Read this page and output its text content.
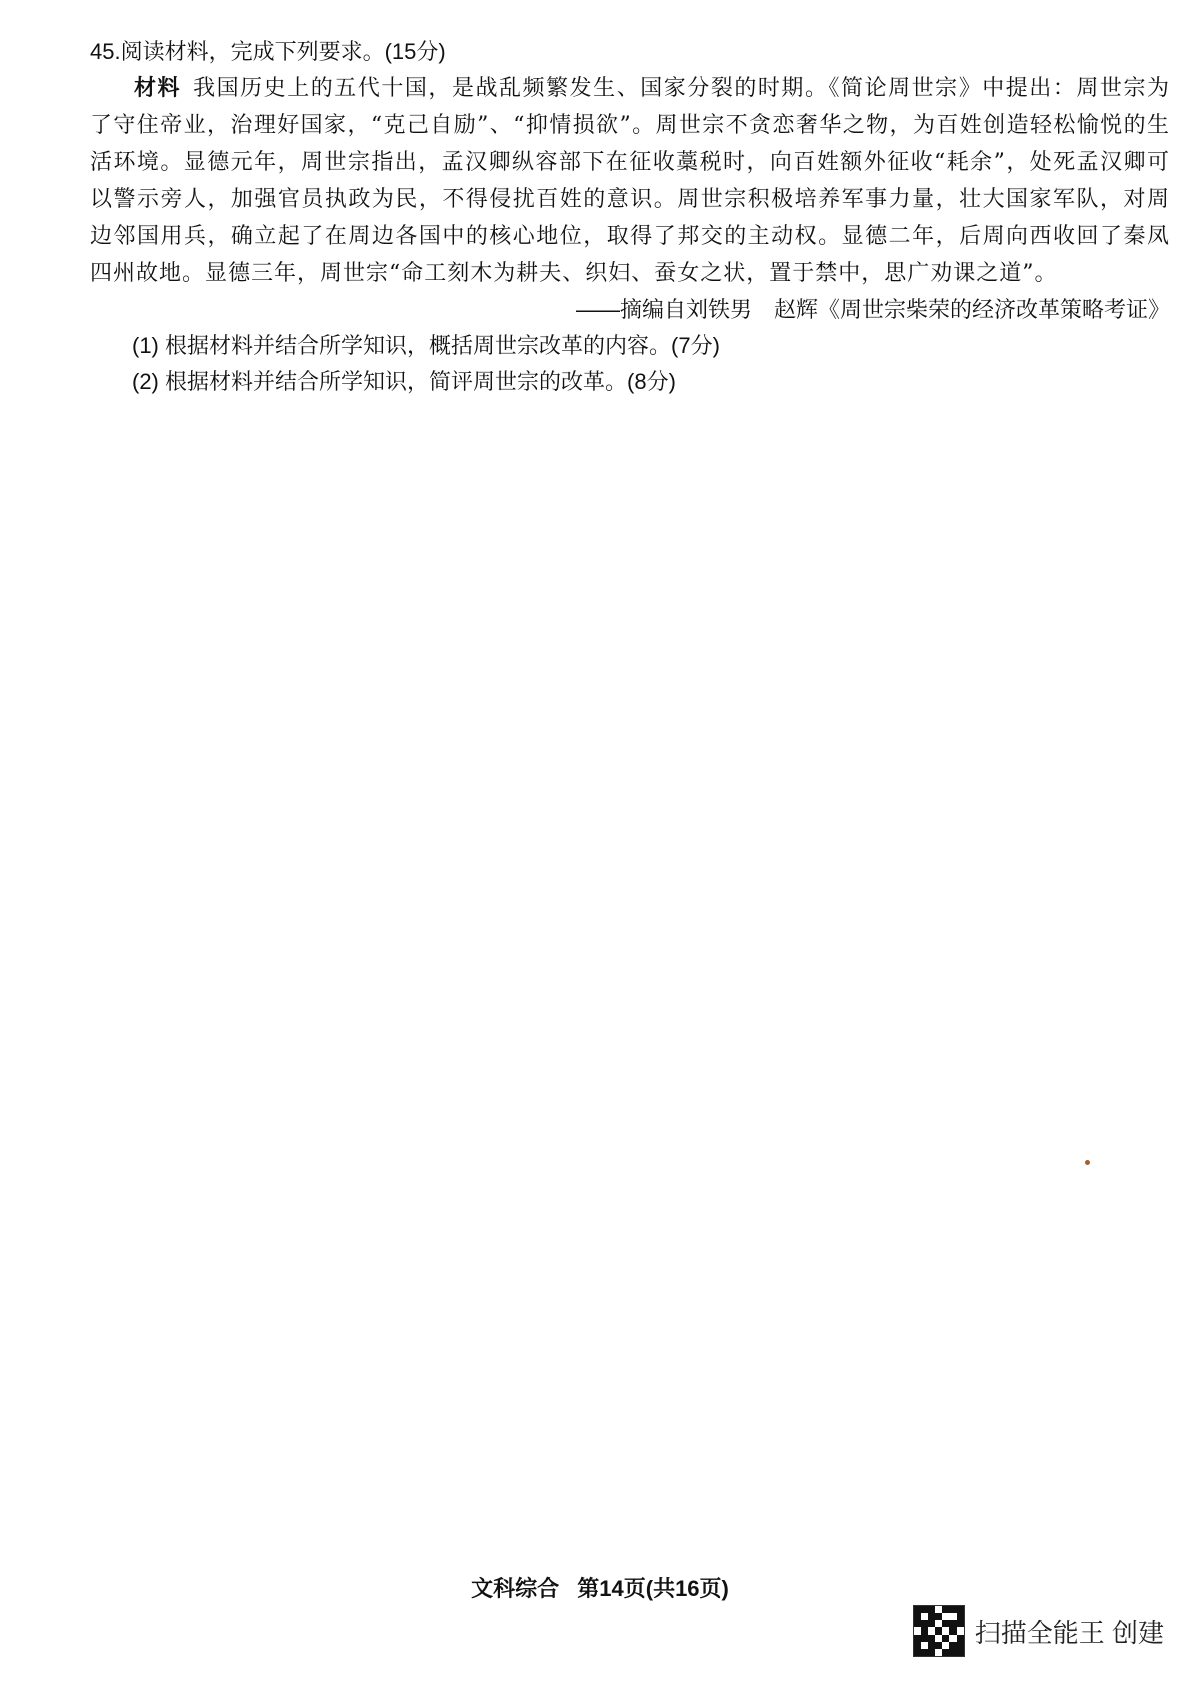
45.阅读材料，完成下列要求。(15分)

材料 我国历史上的五代十国，是战乱频繁发生、国家分裂的时期。《简论周世宗》中提出：周世宗为了守住帝业，治理好国家，“克己自励”、“抑情损欲”。周世宗不贪恋奢华之物，为百姓创造轻松愉悦的生活环境。显德元年，周世宗指出，孟汉卿纵容部下在征收藁税时，向百姓额外征收“耗余”，处死孟汉卿可以警示旁人，加强官员执政为民，不得侵扰百姓的意识。周世宗积极培养军事力量，壮大国家军队，对周边邻国用兵，确立起了在周边各国中的核心地位，取得了邦交的主动权。显德二年，后周向西收回了秦凤四州故地。显德三年，周世宗“命工刻木为耕夫、织妇、蚕女之状，置于禁中，思广劝课之道”。

——摘编自刘铁男　赵辉《周世宗柴荣的经济改革策略考证》

(1) 根据材料并结合所学知识，概括周世宗改革的内容。(7分)

(2) 根据材料并结合所学知识，简评周世宗的改革。(8分)

文科综合 第14页(共16页)
扫描全能王 创建
